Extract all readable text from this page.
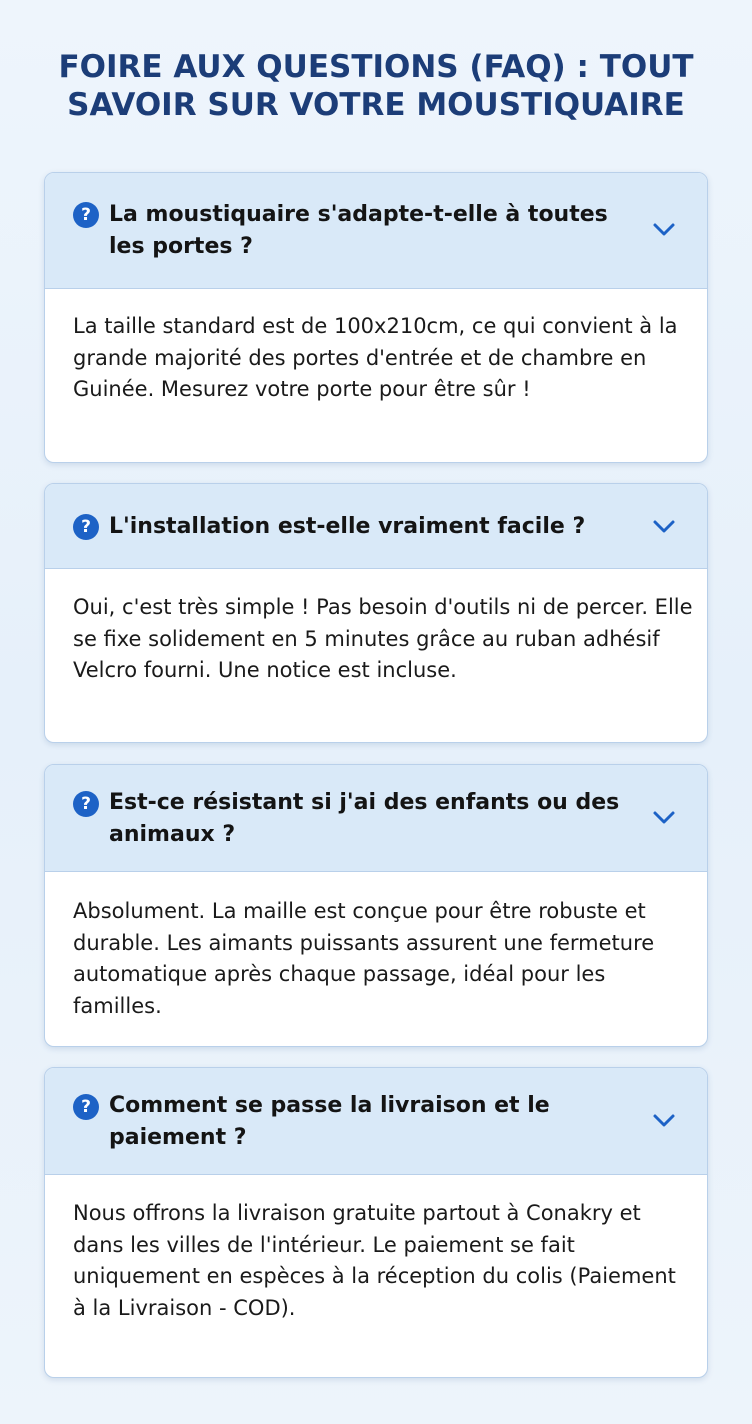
FOIRE AUX QUESTIONS (FAQ) : TOUT SAVOIR SUR VOTRE MOUSTIQUAIRE
? La moustiquaire s'adapte-t-elle à toutes les portes ?

La taille standard est de 100x210cm, ce qui convient à la grande majorité des portes d'entrée et de chambre en Guinée. Mesurez votre porte pour être sûr !

? L'installation est-elle vraiment facile ?

Oui, c'est très simple ! Pas besoin d'outils ni de percer. Elle se fixe solidement en 5 minutes grâce au ruban adhésif Velcro fourni. Une notice est incluse.

? Est-ce résistant si j'ai des enfants ou des animaux ?

Absolument. La maille est conçue pour être robuste et durable. Les aimants puissants assurent une fermeture automatique après chaque passage, idéal pour les familles.

? Comment se passe la livraison et le paiement ?

Nous offrons la livraison gratuite partout à Conakry et dans les villes de l'intérieur. Le paiement se fait uniquement en espèces à la réception du colis (Paiement à la Livraison - COD).
